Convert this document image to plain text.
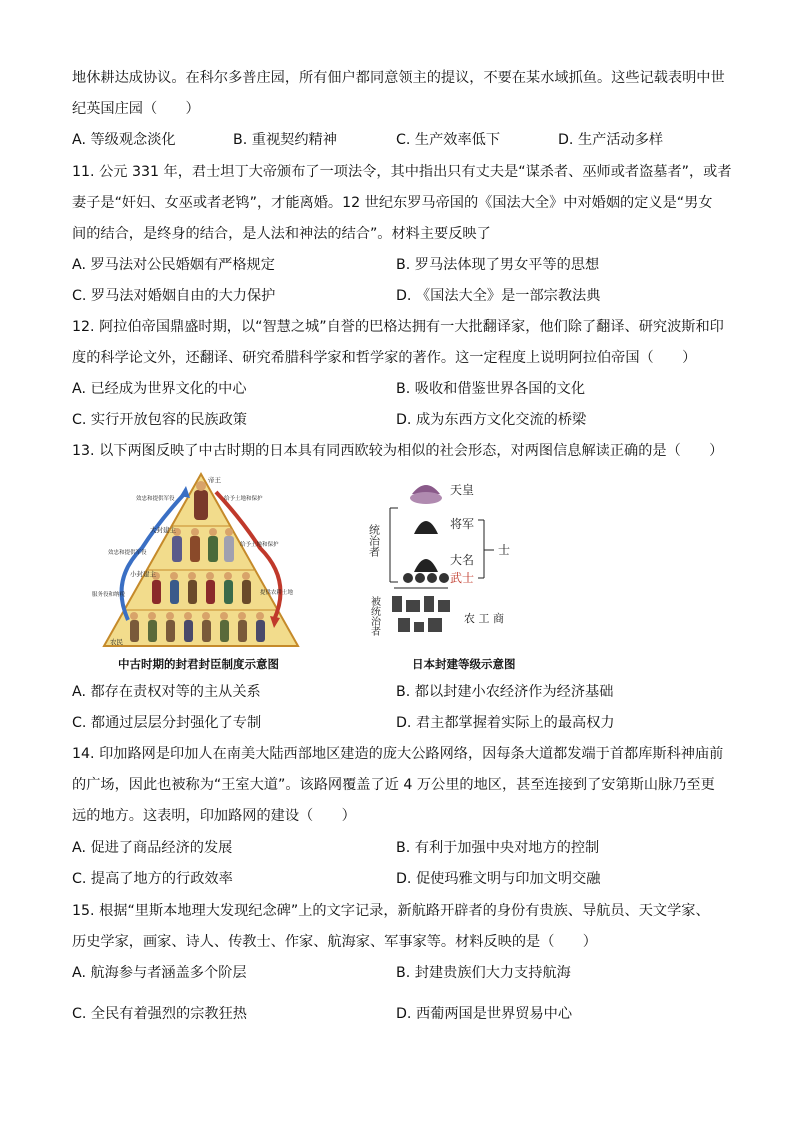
地休耕达成协议。在科尔多普庄园，所有佃户都同意领主的提议，不要在某水域抓鱼。这些记载表明中世
纪英国庄园（　　）
A. 等级观念淡化	B. 重视契约精神	C. 生产效率低下	D. 生产活动多样
11. 公元 331 年，君士坦丁大帝颁布了一项法令，其中指出只有丈夫是“谋杀者、巫师或者盗墓者”，或者
妻子是“奸妇、女巫或者老鸨”，才能离婚。12 世纪东罗马帝国的《国法大全》中对婚姻的定义是“男女
间的结合，是终身的结合，是人法和神法的结合”。材料主要反映了
A. 罗马法对公民婚姻有严格规定	B. 罗马法体现了男女平等的思想
C. 罗马法对婚姻自由的大力保护	D. 《国法大全》是一部宗教法典
12. 阿拉伯帝国鼎盛时期，以“智慧之城”自誉的巴格达拥有一大批翻译家，他们除了翻译、研究波斯和印
度的科学论文外，还翻译、研究希腊科学家和哲学家的著作。这一定程度上说明阿拉伯帝国（　　）
A. 已经成为世界文化的中心	B. 吸收和借鉴世界各国的文化
C. 实行开放包容的民族政策	D. 成为东西方文化交流的桥梁
13. 以下两图反映了中古时期的日本具有同西欧较为相似的社会形态，对两图信息解读正确的是（　　）
帝王
大封建主
小封建主
农民
效忠和提供军役
效忠和提供军役
服务役和纳税
给予土地和保护
给予土地和保护
提供农耕土地
中古时期的封君封臣制度示意图
天皇
将军
大名
武士
士
统治者
被统治者	农 工 商
日本封建等级示意图
A. 都存在责权对等的主从关系	B. 都以封建小农经济作为经济基础
C. 都通过层层分封强化了专制	D. 君主都掌握着实际上的最高权力
14. 印加路网是印加人在南美大陆西部地区建造的庞大公路网络，因每条大道都发端于首都库斯科神庙前
的广场，因此也被称为“王室大道”。该路网覆盖了近 4 万公里的地区，甚至连接到了安第斯山脉乃至更
远的地方。这表明，印加路网的建设（　　）
A. 促进了商品经济的发展	B. 有利于加强中央对地方的控制
C. 提高了地方的行政效率	D. 促使玛雅文明与印加文明交融
15. 根据“里斯本地理大发现纪念碑”上的文字记录，新航路开辟者的身份有贵族、导航员、天文学家、
历史学家，画家、诗人、传教士、作家、航海家、军事家等。材料反映的是（　　）
A. 航海参与者涵盖多个阶层	B. 封建贵族们大力支持航海
C. 全民有着强烈的宗教狂热	D. 西葡两国是世界贸易中心
